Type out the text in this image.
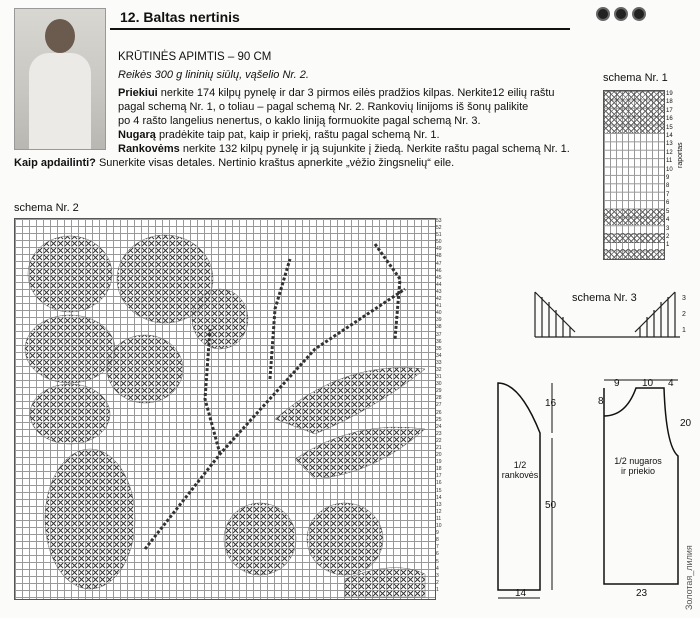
12. Baltas nertinis
KRŪTINĖS APIMTIS – 90 CM
Reikės 300 g lininių siūlų, vąšelio Nr. 2.
Priekiui nerkite 174 kilpų pynelę ir dar 3 pirmos eilės pradžios kilpas. Nerkite12 eilių raštu
pagal schemą Nr. 1, o toliau – pagal schemą Nr. 2. Rankovių linijoms iš šonų palikite
po 4 rašto langelius nenertus, o kaklo liniją formuokite pagal schemą Nr. 3.
Nugarą pradėkite taip pat, kaip ir priekį, raštu pagal schemą Nr. 1.
Rankovėms nerkite 132 kilpų pynelę ir ją sujunkite į žiedą. Nerkite raštu pagal schemą Nr. 1.
Kaip apdailinti? Sunerkite visas detales. Nertinio kraštus apnerkite „vėžio žingsnelių“ eile.
schema Nr. 1
19
18
17
16
15
14
13
12
11
10
9
8
7
6
5
4
3
2
1
raportas
schema Nr. 2
53
52
51
50
49
48
47
46
45
44
43
42
41
40
39
38
37
36
35
34
33
32
31
30
29
28
27
26
25
24
23
22
21
20
19
18
17
16
15
14
13
12
11
10
9
8
7
6
5
4
3
2
1
schema Nr. 3	3
2
1
16
50
14
1/2 rankovės
9 10 4
8
20
23
1/2 nugaros ir priekio
Золотая_лилия
